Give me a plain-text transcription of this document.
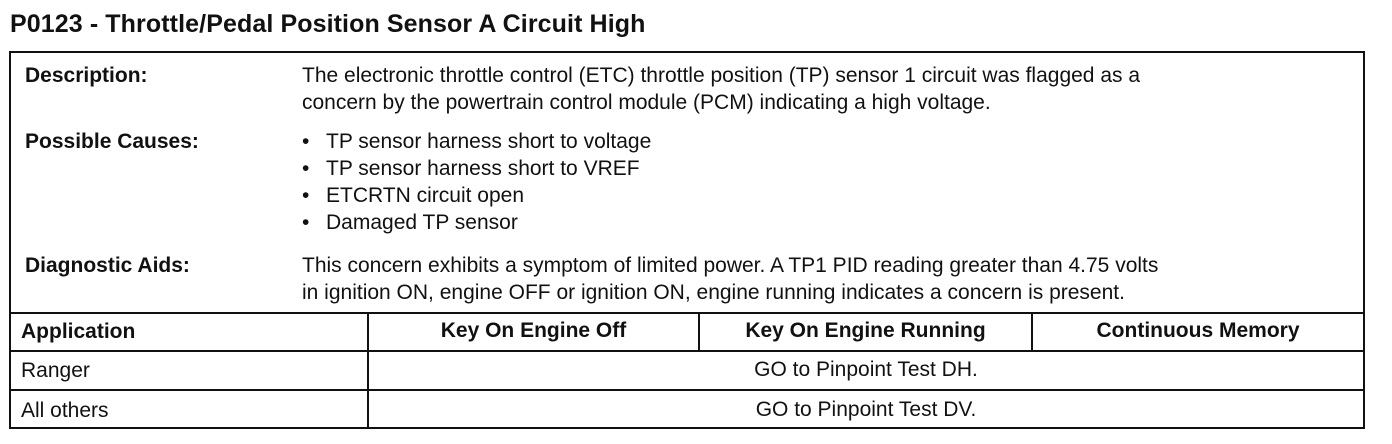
P0123 - Throttle/Pedal Position Sensor A Circuit High
Description:	The electronic throttle control (ETC) throttle position (TP) sensor 1 circuit was flagged as a
concern by the powertrain control module (PCM) indicating a high voltage.
Possible Causes:	• TP sensor harness short to voltage
• TP sensor harness short to VREF
• ETCRTN circuit open
• Damaged TP sensor
Diagnostic Aids:	This concern exhibits a symptom of limited power. A TP1 PID reading greater than 4.75 volts
in ignition ON, engine OFF or ignition ON, engine running indicates a concern is present.
Application	Key On Engine Off	Key On Engine Running	Continuous Memory
Ranger	GO to Pinpoint Test DH.
All others	GO to Pinpoint Test DV.
